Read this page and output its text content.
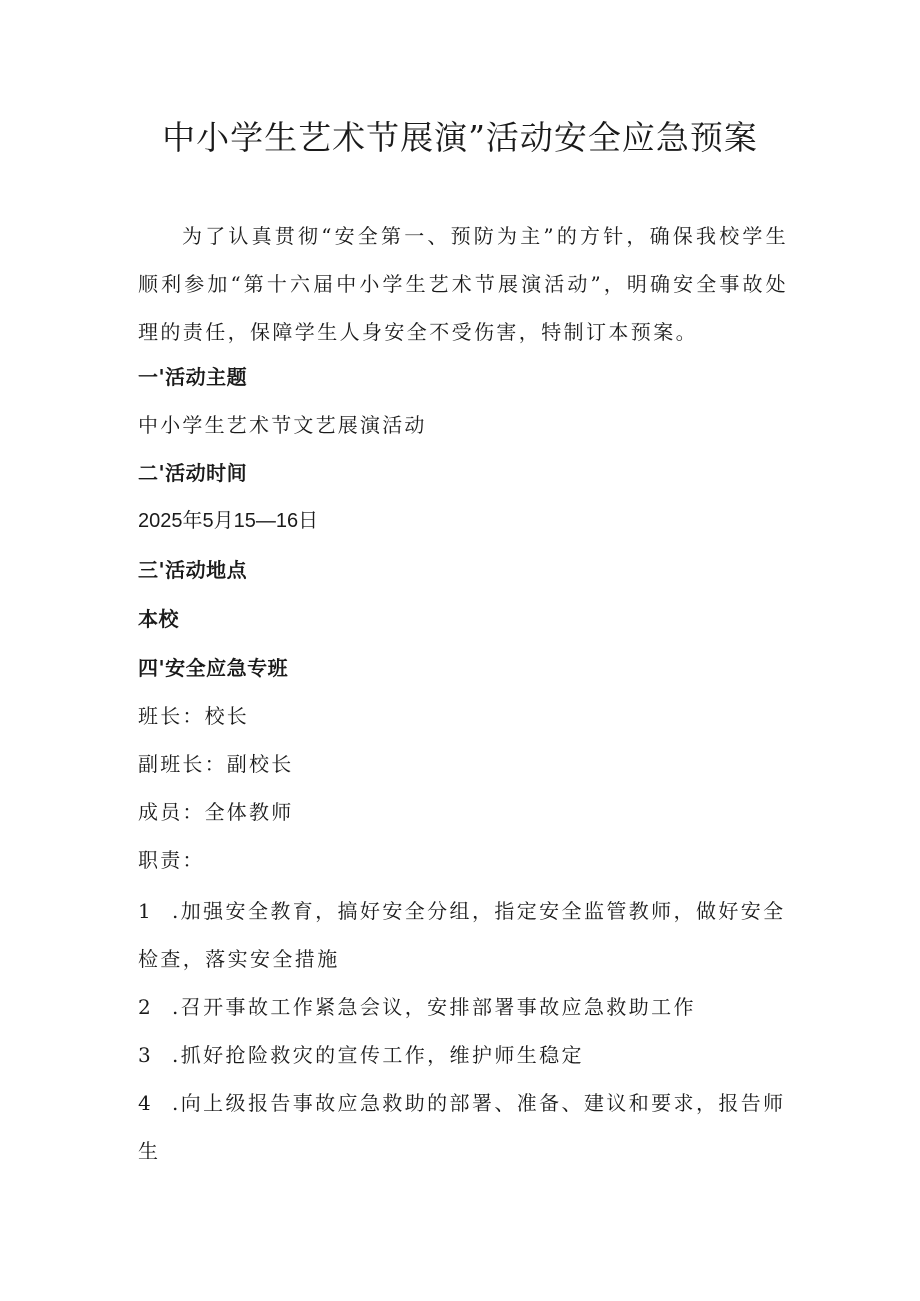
中小学生艺术节展演”活动安全应急预案

为了认真贯彻“安全第一、预防为主”的方针，确保我校学生顺利参加“第十六届中小学生艺术节展演活动”，明确安全事故处理的责任，保障学生人身安全不受伤害，特制订本预案。

一'活动主题
中小学生艺术节文艺展演活动
二'活动时间
2025年5月15—16日
三'活动地点
本校
四'安全应急专班
班长：校长
副班长：副校长
成员：全体教师
职责：

1 .加强安全教育，搞好安全分组，指定安全监管教师，做好安全检查，落实安全措施

2 .召开事故工作紧急会议，安排部署事故应急救助工作

3 .抓好抢险救灾的宣传工作，维护师生稳定

4 .向上级报告事故应急救助的部署、准备、建议和要求，报告师生
